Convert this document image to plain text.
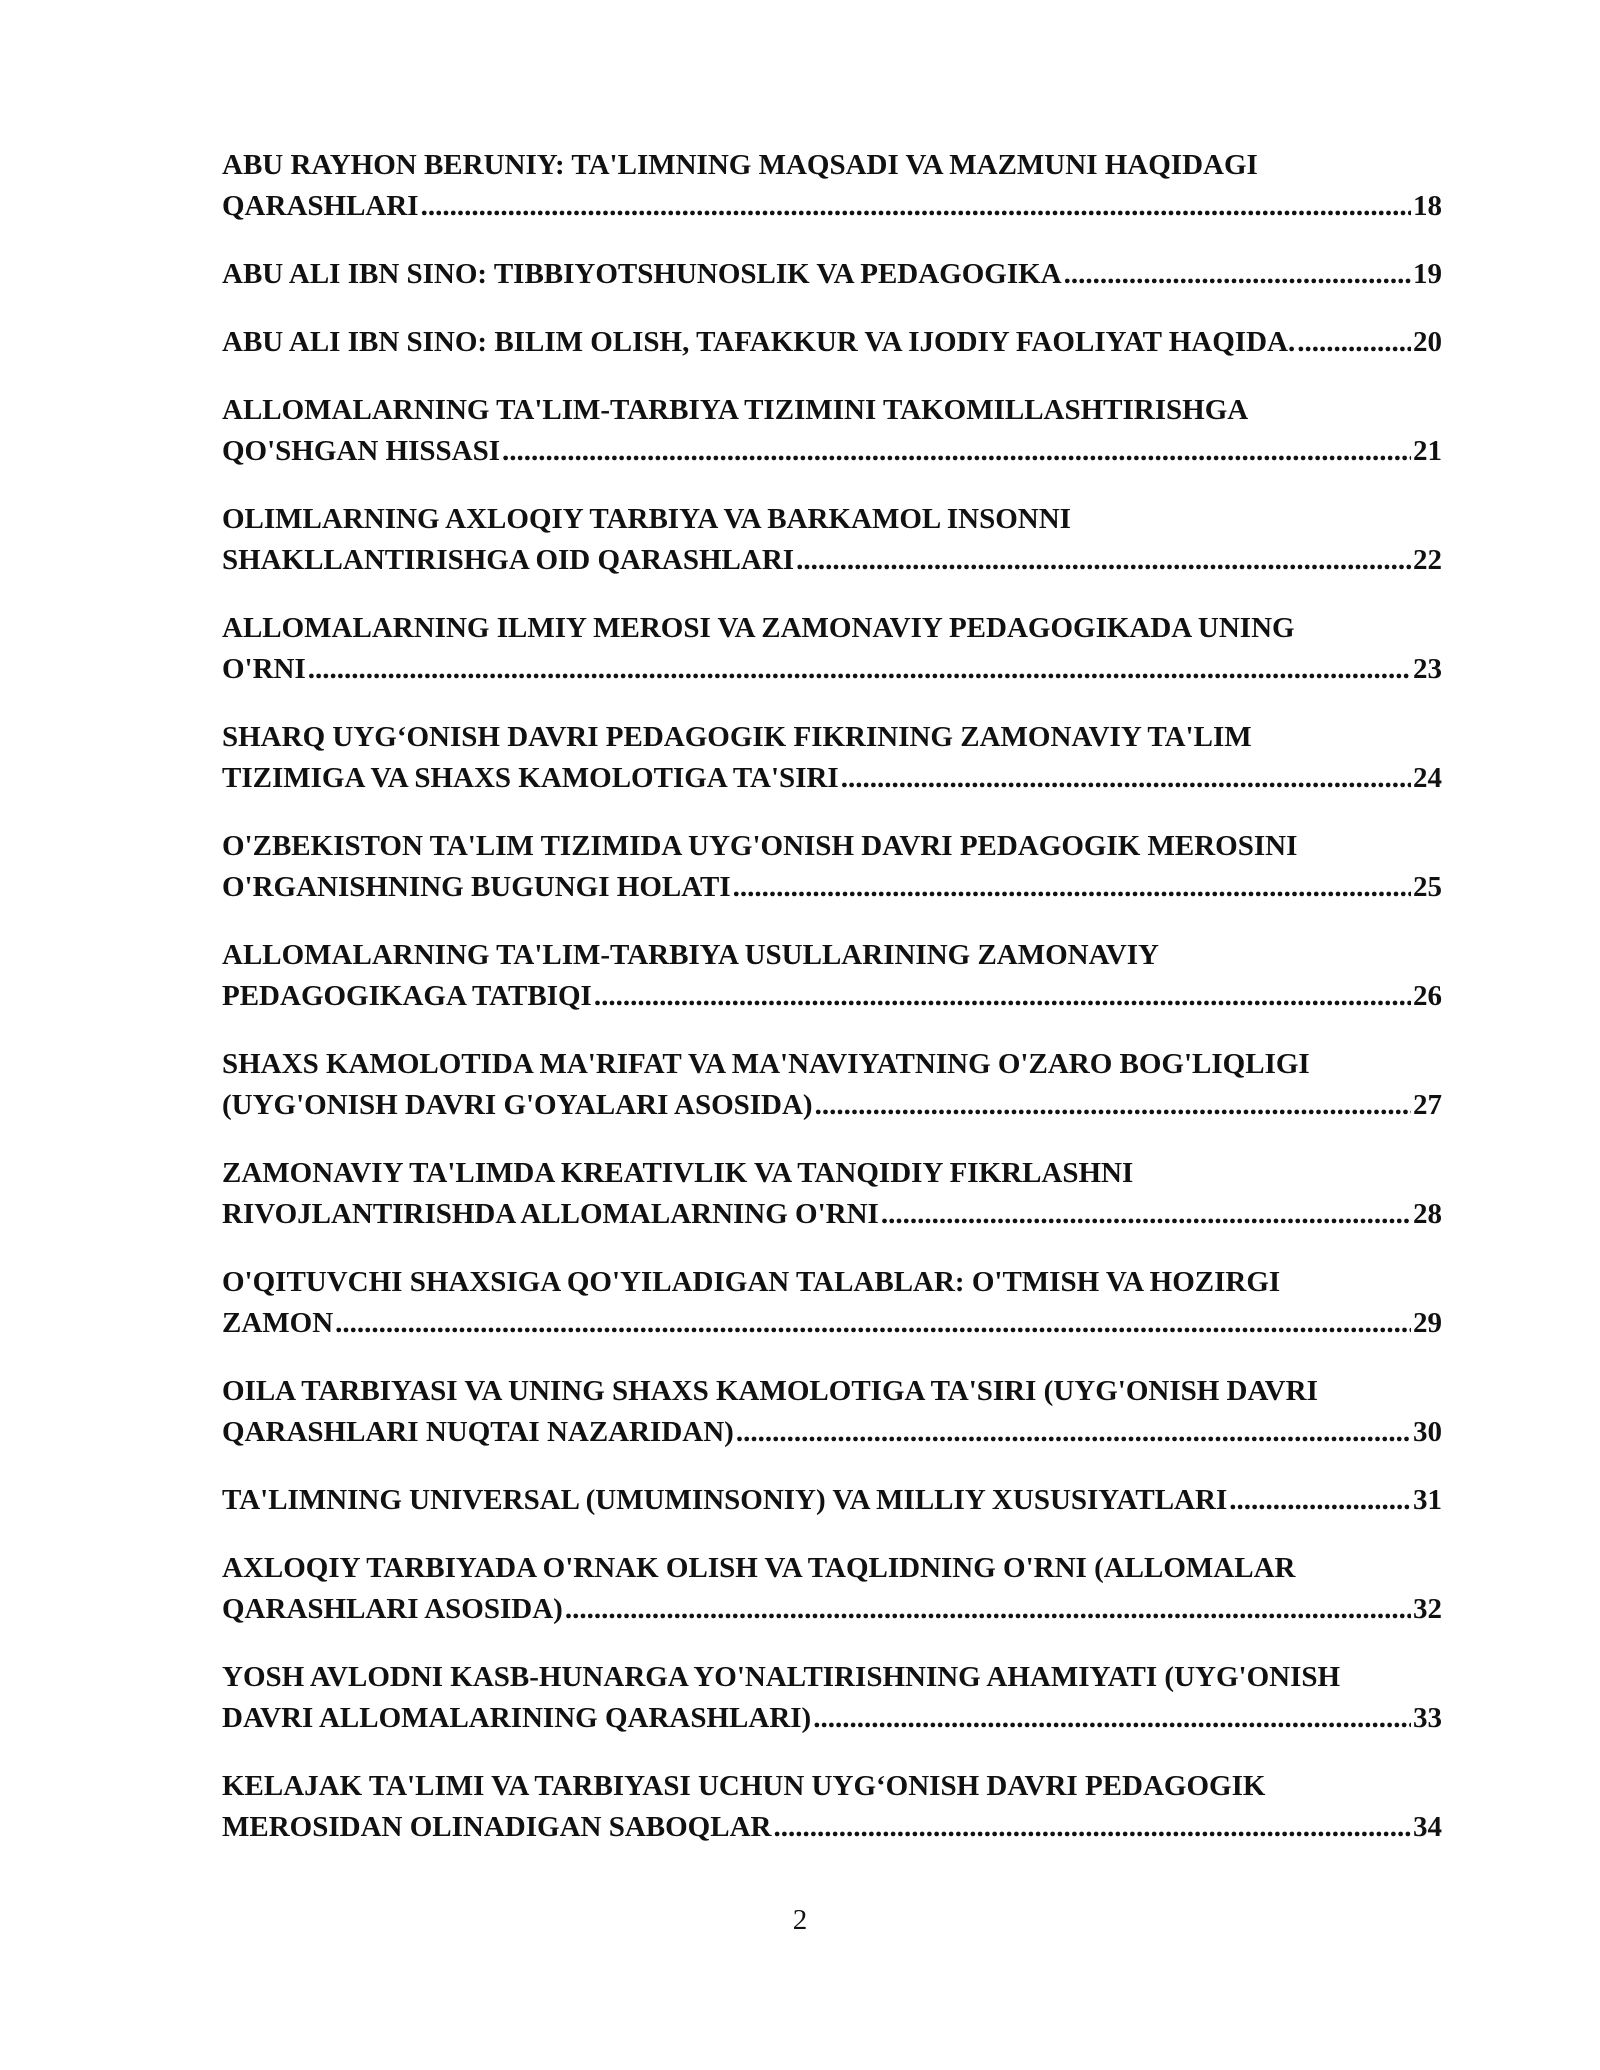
ABU RAYHON BERUNIY: TA'LIMNING MAQSADI VA MAZMUNI HAQIDAGI
QARASHLARI .....	18
ABU ALI IBN SINO: TIBBIYOTSHUNOSLIK VA PEDAGOGIKA .....	19
ABU ALI IBN SINO: BILIM OLISH, TAFAKKUR VA IJODIY FAOLIYAT HAQIDA. .....	20
ALLOMALARNING TA'LIM-TARBIYA TIZIMINI TAKOMILLASHTIRISHGA
QO'SHGAN HISSASI .....	21
OLIMLARNING AXLOQIY TARBIYA VA BARKAMOL INSONNI
SHAKLLANTIRISHGA OID QARASHLARI .....	22
ALLOMALARNING ILMIY MEROSI VA ZAMONAVIY PEDAGOGIKADA UNING
O'RNI .....	23
SHARQ UYG‘ONISH DAVRI PEDAGOGIK FIKRINING ZAMONAVIY TA'LIM
TIZIMIGA VA SHAXS KAMOLOTIGA TA'SIRI .....	24
O'ZBEKISTON TA'LIM TIZIMIDA UYG'ONISH DAVRI PEDAGOGIK MEROSINI
O'RGANISHNING BUGUNGI HOLATI .....	25
ALLOMALARNING TA'LIM-TARBIYA USULLARINING ZAMONAVIY
PEDAGOGIKAGA TATBIQI .....	26
SHAXS KAMOLOTIDA MA'RIFAT VA MA'NAVIYATNING O'ZARO BOG'LIQLIGI
(UYG'ONISH DAVRI G'OYALARI ASOSIDA) .....	27
ZAMONAVIY TA'LIMDA KREATIVLIK VA TANQIDIY FIKRLASHNI
RIVOJLANTIRISHDA ALLOMALARNING O'RNI .....	28
O'QITUVCHI SHAXSIGA QO'YILADIGAN TALABLAR: O'TMISH VA HOZIRGI
ZAMON .....	29
OILA TARBIYASI VA UNING SHAXS KAMOLOTIGA TA'SIRI (UYG'ONISH DAVRI
QARASHLARI NUQTAI NAZARIDAN) .....	30
TA'LIMNING UNIVERSAL (UMUMINSONIY) VA MILLIY XUSUSIYATLARI .....	31
AXLOQIY TARBIYADA O'RNAK OLISH VA TAQLIDNING O'RNI (ALLOMALAR
QARASHLARI ASOSIDA) .....	32
YOSH AVLODNI KASB-HUNARGA YO'NALTIRISHNING AHAMIYATI (UYG'ONISH
DAVRI ALLOMALARINING QARASHLARI) .....	33
KELAJAK TA'LIMI VA TARBIYASI UCHUN UYG‘ONISH DAVRI PEDAGOGIK
MEROSIDAN OLINADIGAN SABOQLAR .....	34
2
